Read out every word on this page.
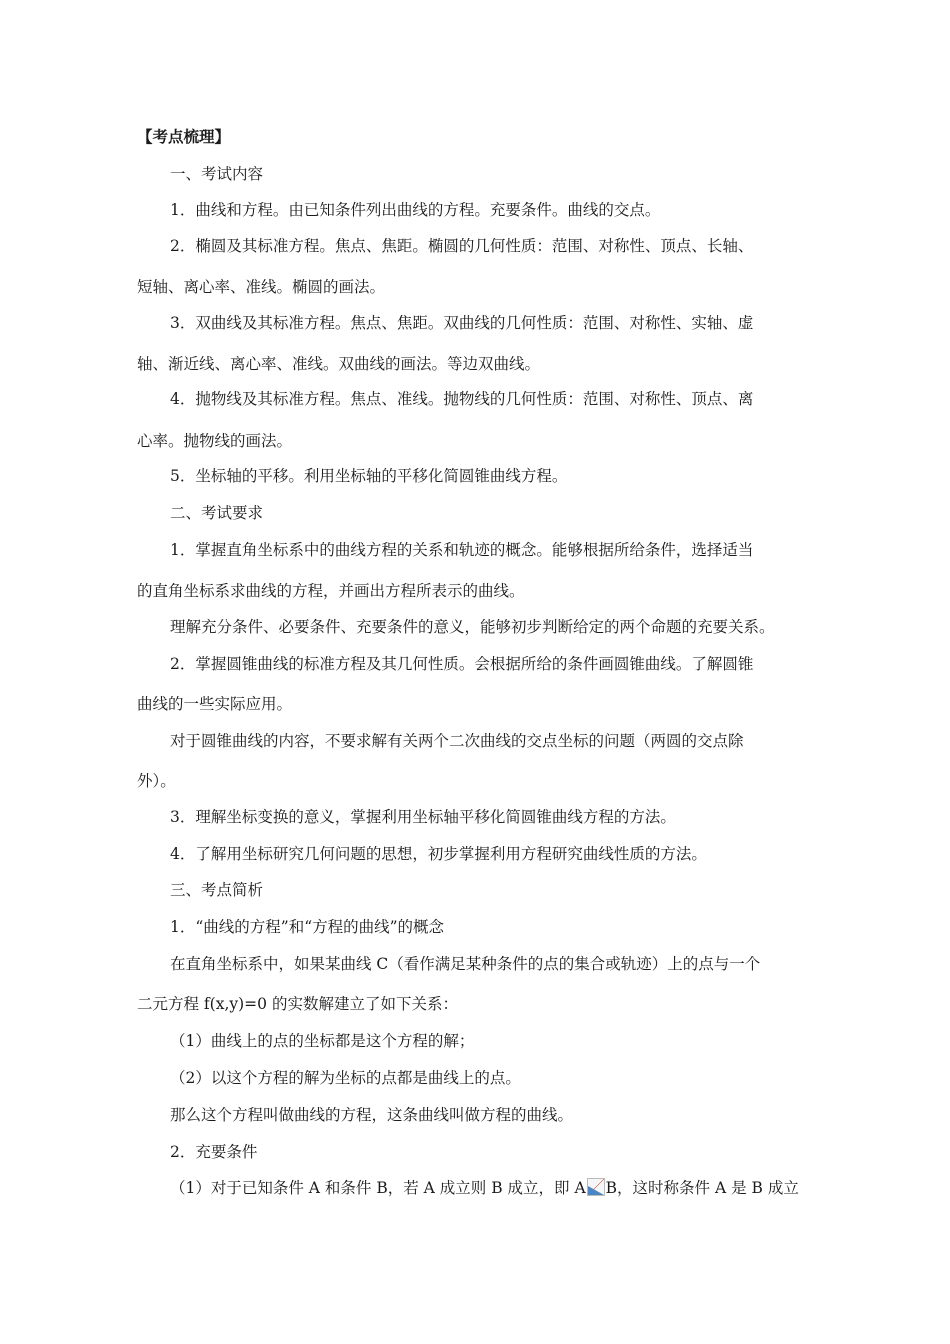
【考点梳理】
一、考试内容
1．曲线和方程。由已知条件列出曲线的方程。充要条件。曲线的交点。
2．椭圆及其标准方程。焦点、焦距。椭圆的几何性质：范围、对称性、顶点、长轴、
短轴、离心率、准线。椭圆的画法。
3．双曲线及其标准方程。焦点、焦距。双曲线的几何性质：范围、对称性、实轴、虚
轴、渐近线、离心率、准线。双曲线的画法。等边双曲线。
4．抛物线及其标准方程。焦点、准线。抛物线的几何性质：范围、对称性、顶点、离
心率。抛物线的画法。
5．坐标轴的平移。利用坐标轴的平移化简圆锥曲线方程。
二、考试要求
1．掌握直角坐标系中的曲线方程的关系和轨迹的概念。能够根据所给条件，选择适当
的直角坐标系求曲线的方程，并画出方程所表示的曲线。
理解充分条件、必要条件、充要条件的意义，能够初步判断给定的两个命题的充要关系。
2．掌握圆锥曲线的标准方程及其几何性质。会根据所给的条件画圆锥曲线。了解圆锥
曲线的一些实际应用。
对于圆锥曲线的内容，不要求解有关两个二次曲线的交点坐标的问题（两圆的交点除
外）。
3．理解坐标变换的意义，掌握利用坐标轴平移化简圆锥曲线方程的方法。
4．了解用坐标研究几何问题的思想，初步掌握利用方程研究曲线性质的方法。
三、考点简析
1．“曲线的方程”和“方程的曲线”的概念
在直角坐标系中，如果某曲线 C（看作满足某种条件的点的集合或轨迹）上的点与一个
二元方程 f(x,y)=0 的实数解建立了如下关系：
（1）曲线上的点的坐标都是这个方程的解；
（2）以这个方程的解为坐标的点都是曲线上的点。
那么这个方程叫做曲线的方程，这条曲线叫做方程的曲线。
2．充要条件
（1）对于已知条件 A 和条件 B，若 A 成立则 B 成立，即 A B，这时称条件 A 是 B 成立
